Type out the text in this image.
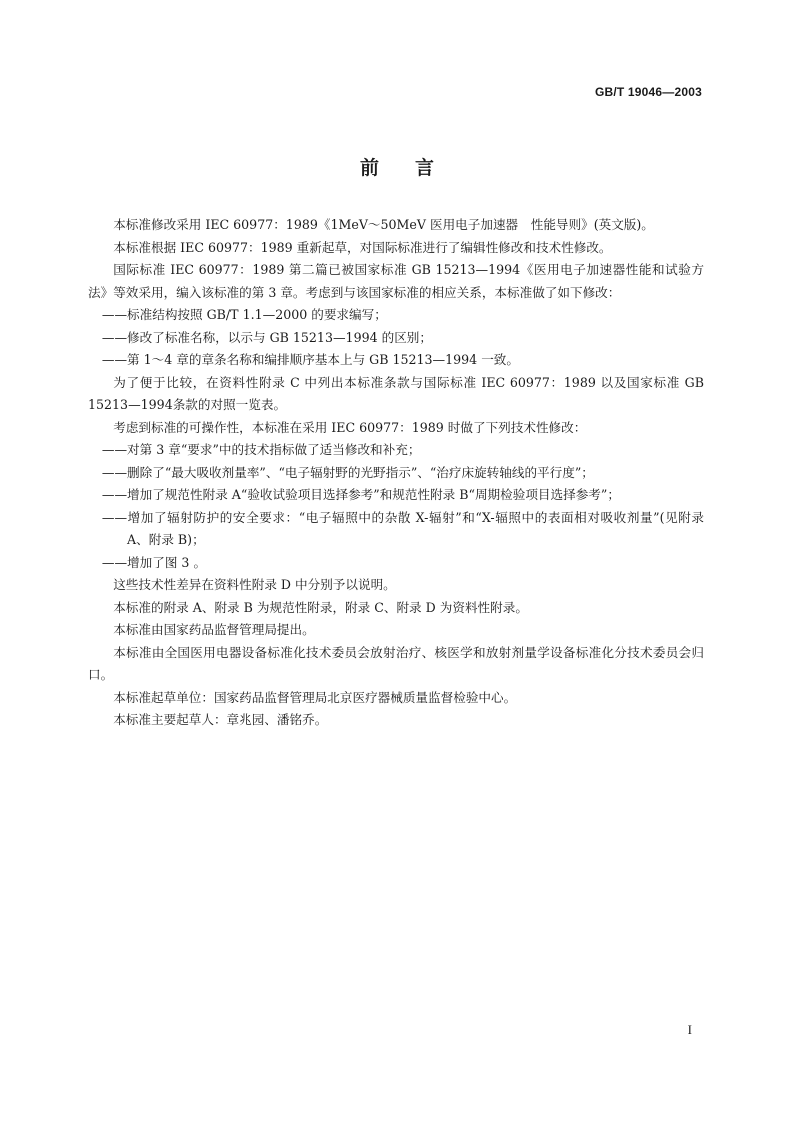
GB/T 19046—2003
前 言

本标准修改采用 IEC 60977：1989《1MeV～50MeV 医用电子加速器　性能导则》(英文版)。

本标准根据 IEC 60977：1989 重新起草，对国际标准进行了编辑性修改和技术性修改。

国际标准 IEC 60977：1989 第二篇已被国家标准 GB 15213—1994《医用电子加速器性能和试验方法》等效采用，编入该标准的第 3 章。考虑到与该国家标准的相应关系，本标准做了如下修改：

——标准结构按照 GB/T 1.1—2000 的要求编写；

——修改了标准名称，以示与 GB 15213—1994 的区别；

——第 1～4 章的章条名称和编排顺序基本上与 GB 15213—1994 一致。

为了便于比较，在资料性附录 C 中列出本标准条款与国际标准 IEC 60977：1989 以及国家标准 GB 15213—1994条款的对照一览表。

考虑到标准的可操作性，本标准在采用 IEC 60977：1989 时做了下列技术性修改：

——对第 3 章“要求”中的技术指标做了适当修改和补充；

——删除了“最大吸收剂量率”、“电子辐射野的光野指示”、“治疗床旋转轴线的平行度”；

——增加了规范性附录 A“验收试验项目选择参考”和规范性附录 B“周期检验项目选择参考”；

——增加了辐射防护的安全要求：“电子辐照中的杂散 X-辐射”和“X-辐照中的表面相对吸收剂量”(见附录 A、附录 B)；

——增加了图 3 。

这些技术性差异在资料性附录 D 中分别予以说明。

本标准的附录 A、附录 B 为规范性附录，附录 C、附录 D 为资料性附录。

本标准由国家药品监督管理局提出。

本标准由全国医用电器设备标准化技术委员会放射治疗、核医学和放射剂量学设备标准化分技术委员会归口。

本标准起草单位：国家药品监督管理局北京医疗器械质量监督检验中心。

本标准主要起草人：章兆园、潘铭乔。

I
